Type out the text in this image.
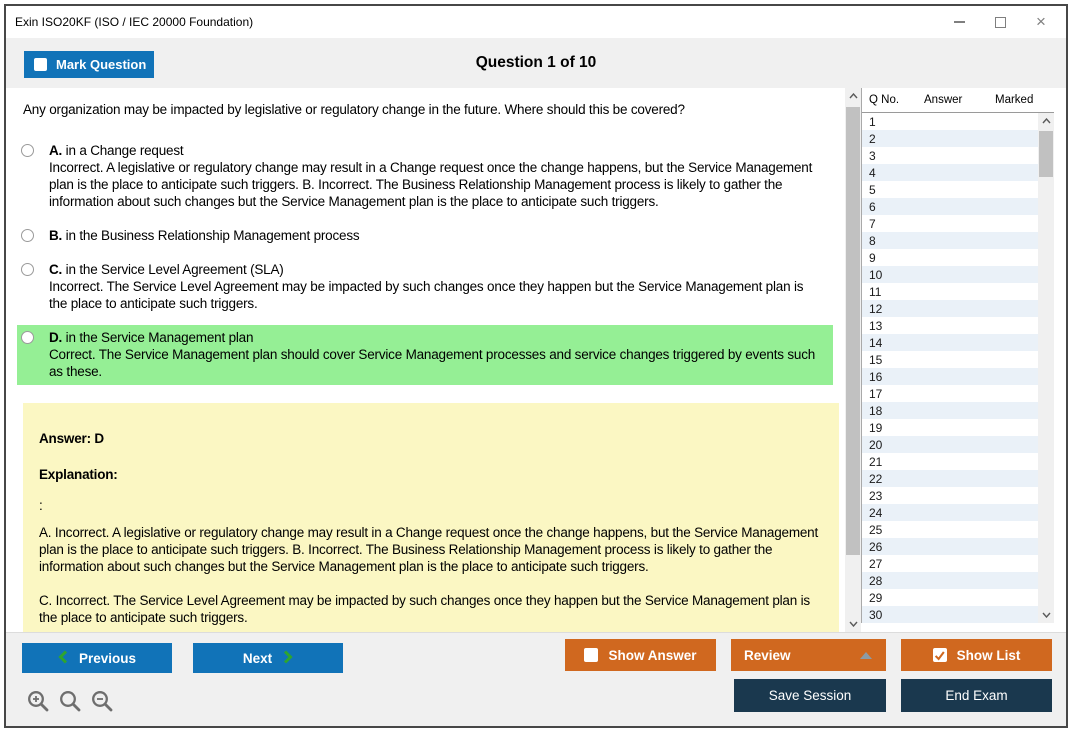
Exin ISO20KF (ISO / IEC 20000 Foundation)	×
Question 1 of 10
Mark Question
Any organization may be impacted by legislative or regulatory change in the future. Where should this be covered?
A. in a Change request
Incorrect. A legislative or regulatory change may result in a Change request once the change happens, but the Service Management plan is the place to anticipate such triggers. B. Incorrect. The Business Relationship Management process is likely to gather the information about such changes but the Service Management plan is the place to anticipate such triggers.
B. in the Business Relationship Management process
C. in the Service Level Agreement (SLA)
Incorrect. The Service Level Agreement may be impacted by such changes once they happen but the Service Management plan is the place to anticipate such triggers.
D. in the Service Management plan
Correct. The Service Management plan should cover Service Management processes and service changes triggered by events such as these.
Answer: D
Explanation:
:

A. Incorrect. A legislative or regulatory change may result in a Change request once the change happens, but the Service Management plan is the place to anticipate such triggers. B. Incorrect. The Business Relationship Management process is likely to gather the information about such changes but the Service Management plan is the place to anticipate such triggers.

C. Incorrect. The Service Level Agreement may be impacted by such changes once they happen but the Service Management plan is the place to anticipate such triggers.

Q No. Answer	Marked
1
2
3
4
5
6
7
8
9
10
11
12
13
14
15
16
17
18
19
20
21
22
23
24
25
26
27
28
29
30
Previous	Next	Show Answer	Review	Show List
Save Session	End Exam
